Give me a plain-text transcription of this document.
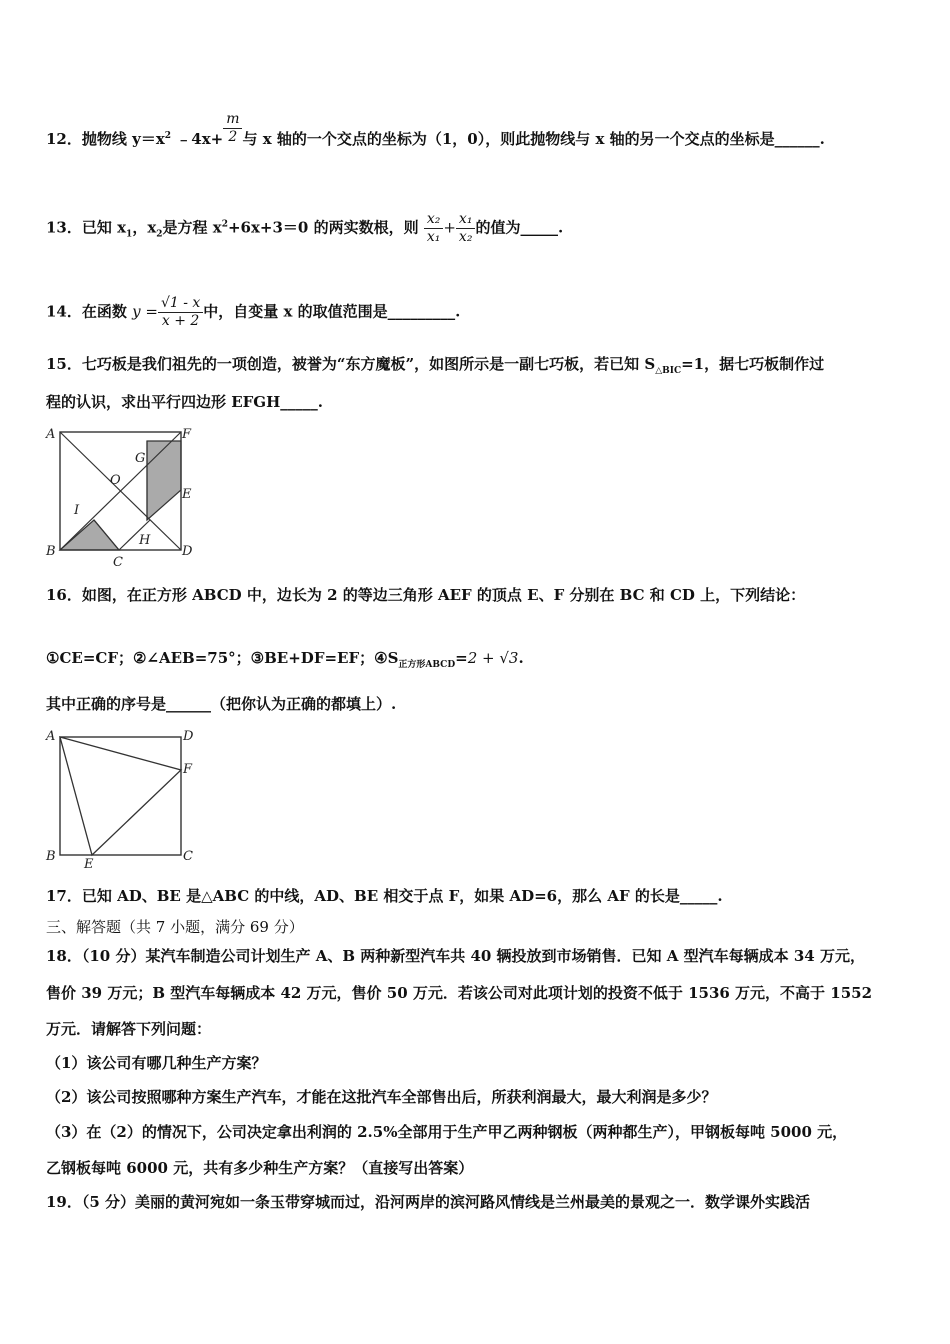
12．抛物线 $y=x^2$ ﹣4x+ $\frac{m}{2}$ 与 x 轴的一个交点的坐标为（1，0），则此抛物线与 x 轴的另一个交点的坐标是______.
13．已知 $x_1$，$x_2$是方程 $x^2+6x+3=0$ 的两实数根，则 $\frac{\text{x₂}}{\text{x₁}} + \frac{\text{x₁}}{\text{x₂}}$ 的值为_____.
14．在函数 $y = \frac{√1 - x}{x + 2}$ 中，自变量 x 的取值范围是_________.
15．七巧板是我们祖先的一项创造，被誉为“东方魔板”，如图所示是一副七巧板，若已知 $S_{\triangle BIC}=1$，据七巧板制作过
程的认识，求出平行四边形 EFGH_____.
A	F
G
O
E
I
H
B	D
C
16．如图，在正方形 ABCD 中，边长为 2 的等边三角形 AEF 的顶点 E、F 分别在 BC 和 CD 上，下列结论：
①CE=CF；②∠AEB=75°；③BE+DF=EF；$④S_{正方形ABCD}=2 + √3$.
其中正确的序号是______（把你认为正确的都填上）.
A	D
F
B
E
C
17．已知 AD、BE 是△ABC 的中线，AD、BE 相交于点 F，如果 AD=6，那么 AF 的长是_____.
三、解答题（共 7 小题，满分 69 分）
18．（10 分）某汽车制造公司计划生产 A、B 两种新型汽车共 40 辆投放到市场销售．已知 A 型汽车每辆成本 34 万元，
售价 39 万元；B 型汽车每辆成本 42 万元，售价 50 万元．若该公司对此项计划的投资不低于 1536 万元，不高于 1552
万元．请解答下列问题：
（1）该公司有哪几种生产方案？
（2）该公司按照哪种方案生产汽车，才能在这批汽车全部售出后，所获利润最大，最大利润是多少？
（3）在（2）的情况下，公司决定拿出利润的 2.5%全部用于生产甲乙两种钢板（两种都生产），甲钢板每吨 5000 元，
乙钢板每吨 6000 元，共有多少种生产方案？（直接写出答案）
19．（5 分）美丽的黄河宛如一条玉带穿城而过，沿河两岸的滨河路风情线是兰州最美的景观之一．数学课外实践活
